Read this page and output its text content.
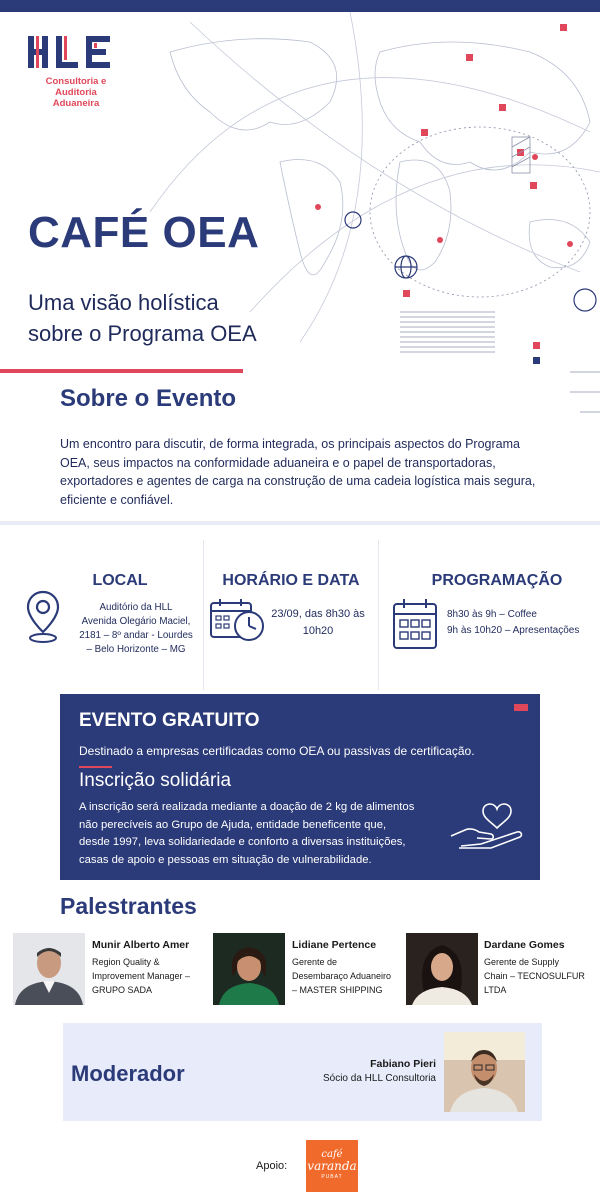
Consultoria e Auditoria
Aduaneira
CAFÉ OEA
Uma visão holística
sobre o Programa OEA
Sobre o Evento
Um encontro para discutir, de forma integrada, os principais aspectos do Programa OEA, seus impactos na conformidade aduaneira e o papel de transportadoras, exportadores e agentes de carga na construção de uma cadeia logística mais segura, eficiente e confiável.
LOCAL
Auditório da HLL
Avenida Olegário Maciel,
2181 – 8º andar - Lourdes
– Belo Horizonte – MG
HORÁRIO E DATA
23/09, das 8h30 às
10h20
PROGRAMAÇÃO
8h30 às 9h – Coffee
9h às 10h20 – Apresentações
EVENTO GRATUITO
Destinado a empresas certificadas como OEA ou passivas de certificação.
Inscrição solidária
A inscrição será realizada mediante a doação de 2 kg de alimentos não perecíveis ao Grupo de Ajuda, entidade beneficente que, desde 1997, leva solidariedade e conforto a diversas instituições, casas de apoio e pessoas em situação de vulnerabilidade.
Palestrantes
Munir Alberto Amer
Region Quality &
Improvement Manager –
GRUPO SADA
Lidiane Pertence
Gerente de
Desembaraço Aduaneiro
– MASTER SHIPPING
Dardane Gomes
Gerente de Supply
Chain – TECNOSULFUR
LTDA
Moderador	Fabiano Pieri
Sócio da HLL Consultoria
Apoio:
café
varanda
PUBAT
